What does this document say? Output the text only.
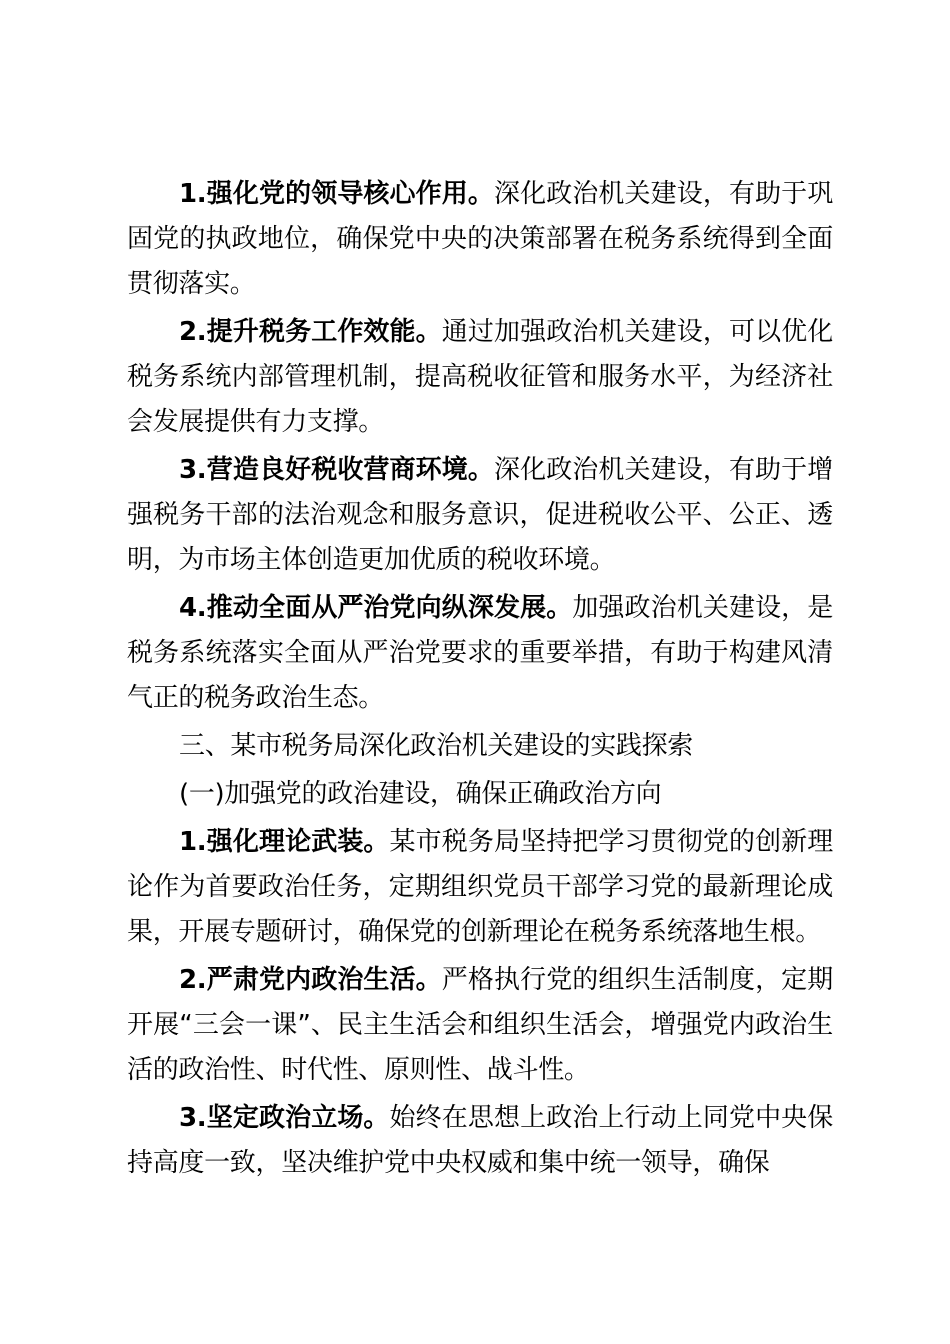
1.强化党的领导核心作用。深化政治机关建设，有助于巩固党的执政地位，确保党中央的决策部署在税务系统得到全面贯彻落实。

2.提升税务工作效能。通过加强政治机关建设，可以优化税务系统内部管理机制，提高税收征管和服务水平，为经济社会发展提供有力支撑。

3.营造良好税收营商环境。深化政治机关建设，有助于增强税务干部的法治观念和服务意识，促进税收公平、公正、透明，为市场主体创造更加优质的税收环境。

4.推动全面从严治党向纵深发展。加强政治机关建设，是税务系统落实全面从严治党要求的重要举措，有助于构建风清气正的税务政治生态。

三、某市税务局深化政治机关建设的实践探索

(一)加强党的政治建设，确保正确政治方向

1.强化理论武装。某市税务局坚持把学习贯彻党的创新理论作为首要政治任务，定期组织党员干部学习党的最新理论成果，开展专题研讨，确保党的创新理论在税务系统落地生根。

2.严肃党内政治生活。严格执行党的组织生活制度，定期开展“三会一课”、民主生活会和组织生活会，增强党内政治生活的政治性、时代性、原则性、战斗性。

3.坚定政治立场。始终在思想上政治上行动上同党中央保持高度一致，坚决维护党中央权威和集中统一领导，确保
